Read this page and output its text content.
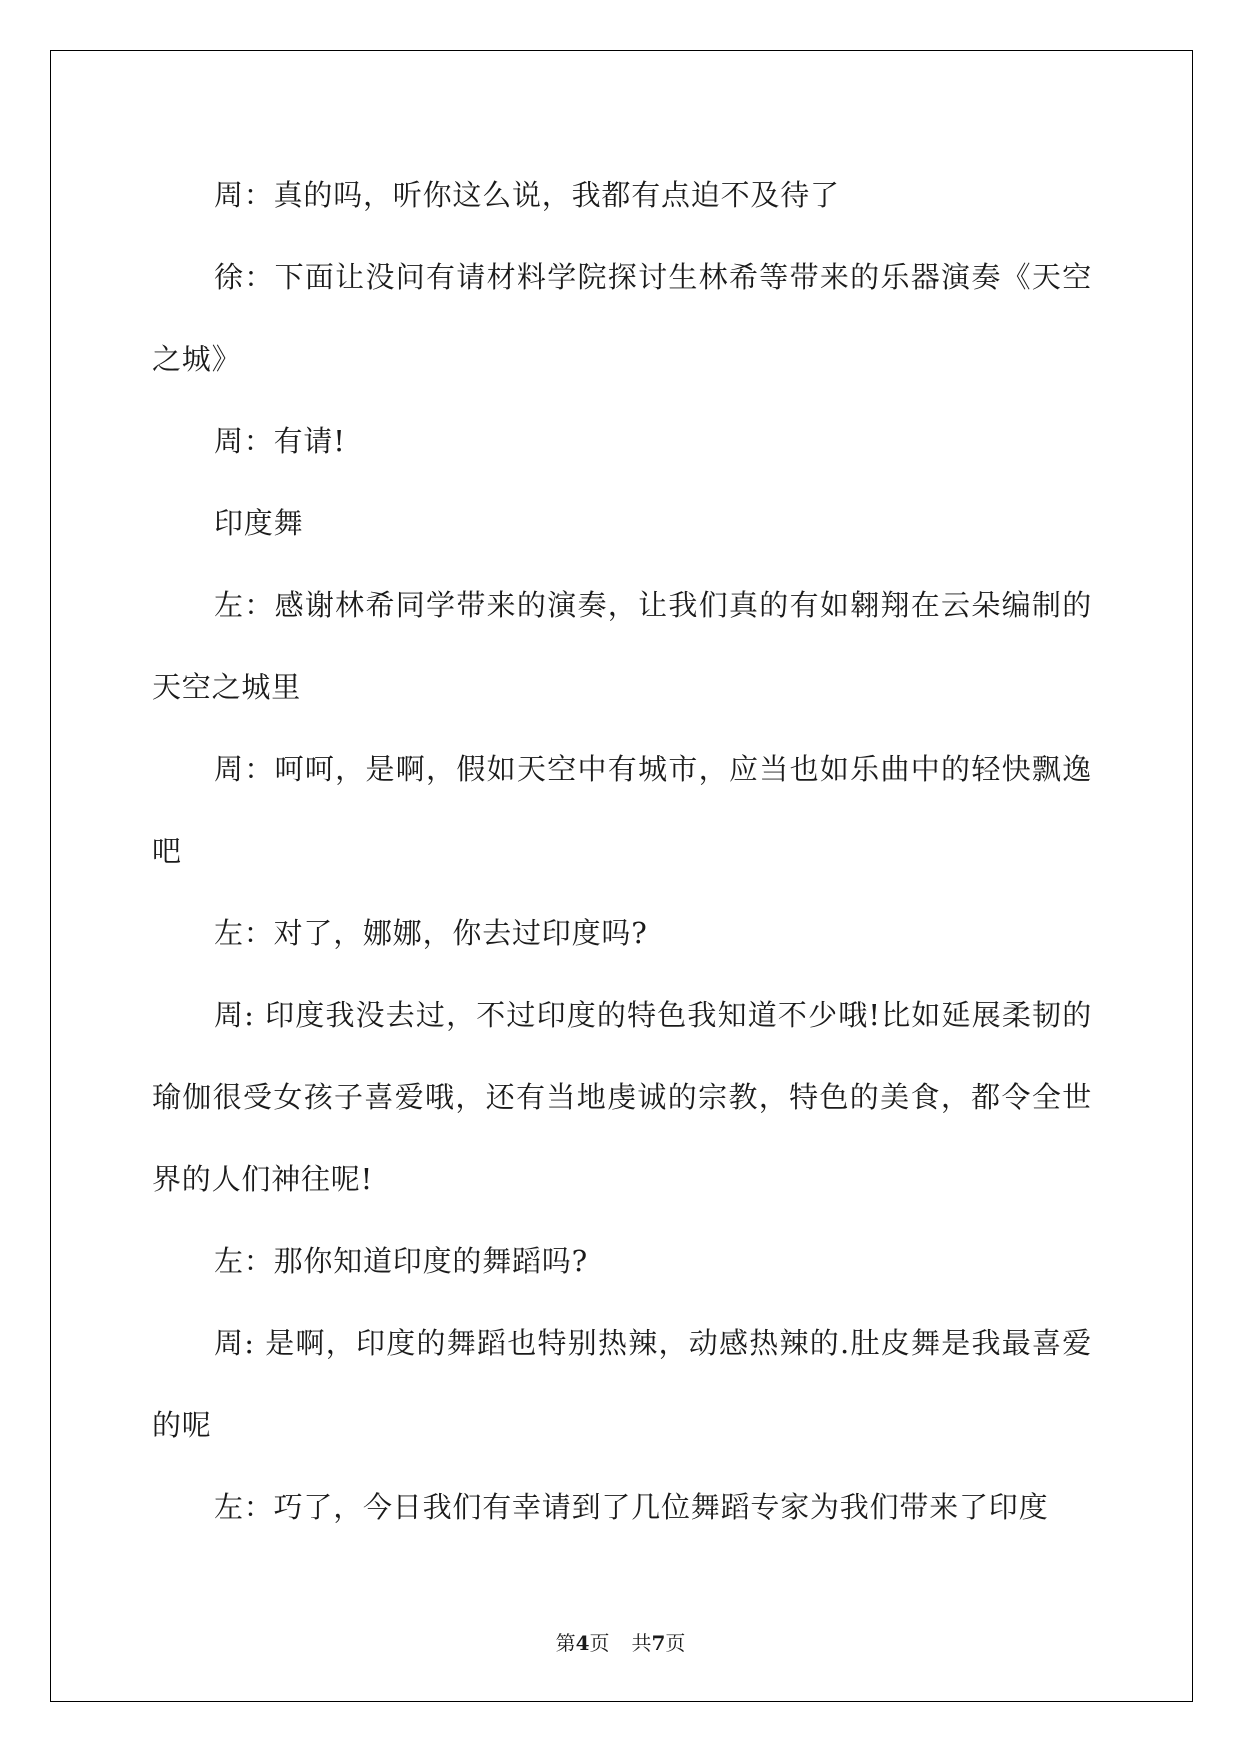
周：真的吗，听你这么说，我都有点迫不及待了

徐：下面让没问有请材料学院探讨生林希等带来的乐器演奏《天空之城》

周：有请!

印度舞

左：感谢林希同学带来的演奏，让我们真的有如翱翔在云朵编制的天空之城里

周：呵呵，是啊，假如天空中有城市，应当也如乐曲中的轻快飘逸吧

左：对了，娜娜，你去过印度吗?

周: 印度我没去过，不过印度的特色我知道不少哦!比如延展柔韧的瑜伽很受女孩子喜爱哦，还有当地虔诚的宗教，特色的美食，都令全世界的人们神往呢!

左：那你知道印度的舞蹈吗?

周: 是啊，印度的舞蹈也特别热辣，动感热辣的.肚皮舞是我最喜爱的呢

左：巧了，今日我们有幸请到了几位舞蹈专家为我们带来了印度

第4页 共7页
